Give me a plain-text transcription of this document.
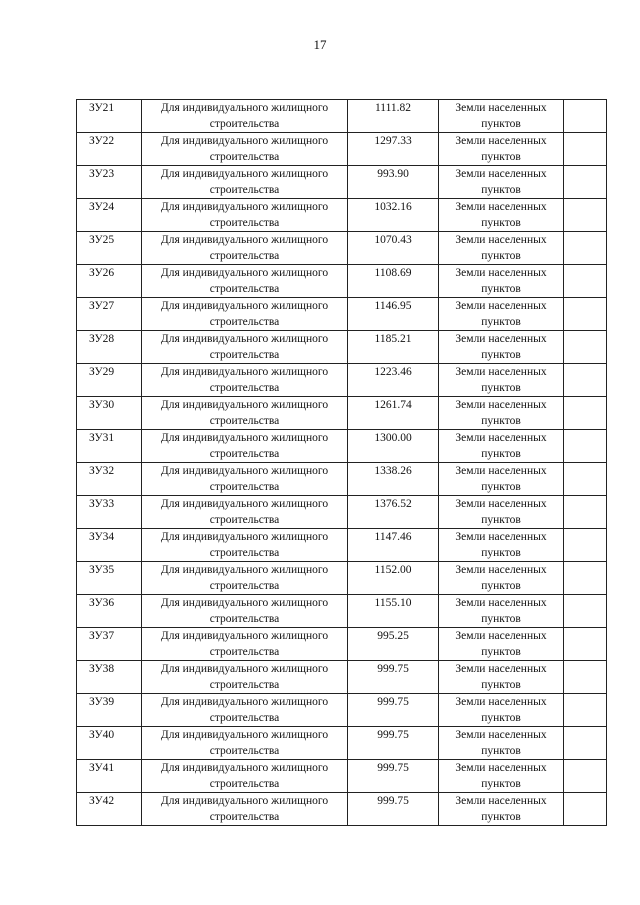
17
ЗУ21	Для индивидуального жилищного
строительства	1111.82	Земли населенных
пунктов	

ЗУ22	Для индивидуального жилищного
строительства	1297.33	Земли населенных
пунктов	

ЗУ23	Для индивидуального жилищного
строительства	993.90	Земли населенных
пунктов	

ЗУ24	Для индивидуального жилищного
строительства	1032.16	Земли населенных
пунктов	

ЗУ25	Для индивидуального жилищного
строительства	1070.43	Земли населенных
пунктов	

ЗУ26	Для индивидуального жилищного
строительства	1108.69	Земли населенных
пунктов	

ЗУ27	Для индивидуального жилищного
строительства	1146.95	Земли населенных
пунктов	

ЗУ28	Для индивидуального жилищного
строительства	1185.21	Земли населенных
пунктов	

ЗУ29	Для индивидуального жилищного
строительства	1223.46	Земли населенных
пунктов	

ЗУ30	Для индивидуального жилищного
строительства	1261.74	Земли населенных
пунктов	

ЗУ31	Для индивидуального жилищного
строительства	1300.00	Земли населенных
пунктов	

ЗУ32	Для индивидуального жилищного
строительства	1338.26	Земли населенных
пунктов	

ЗУ33	Для индивидуального жилищного
строительства	1376.52	Земли населенных
пунктов	

ЗУ34	Для индивидуального жилищного
строительства	1147.46	Земли населенных
пунктов	

ЗУ35	Для индивидуального жилищного
строительства	1152.00	Земли населенных
пунктов	

ЗУ36	Для индивидуального жилищного
строительства	1155.10	Земли населенных
пунктов	

ЗУ37	Для индивидуального жилищного
строительства	995.25	Земли населенных
пунктов	

ЗУ38	Для индивидуального жилищного
строительства	999.75	Земли населенных
пунктов	

ЗУ39	Для индивидуального жилищного
строительства	999.75	Земли населенных
пунктов	

ЗУ40	Для индивидуального жилищного
строительства	999.75	Земли населенных
пунктов	

ЗУ41	Для индивидуального жилищного
строительства	999.75	Земли населенных
пунктов	

ЗУ42	Для индивидуального жилищного
строительства	999.75	Земли населенных
пунктов	
